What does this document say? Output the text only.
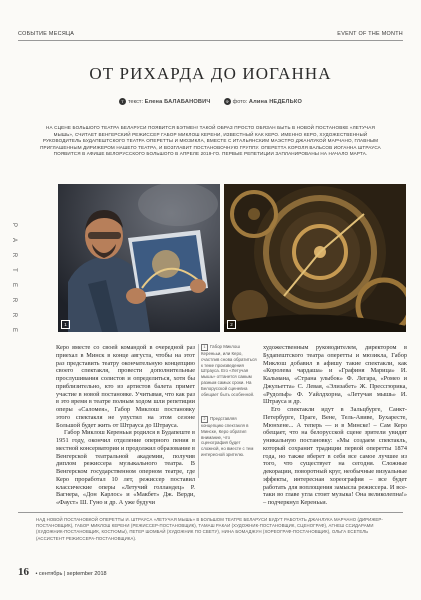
СОБЫТИЕ МЕСЯЦА	EVENT OF THE MONTH
ОТ РИХАРДА ДО ИОГАННА
T текст: Елена БАЛАБАНОВИЧ	Ф фото: Алина НЕДЕЛЬКО
НА СЦЕНЕ БОЛЬШОГО ТЕАТРА БЕЛАРУСИ ПОЯВИТСЯ БЭТМЕН! ТАКОЙ ОБРАЗ ПРОСТО ОБЯЗАН БЫТЬ В НОВОЙ ПОСТАНОВКЕ «ЛЕТУЧАЯ МЫШЬ», СЧИТАЕТ ВЕНГЕРСКИЙ РЕЖИССЕР ГАБОР МИКЛОШ КЕРЕНИ, ИЗВЕСТНЫЙ КАК КЕРО. ИМЕННО КЕРО, ХУДОЖЕСТВЕННЫЙ РУКОВОДИТЕЛЬ БУДАПЕШТСКОГО ТЕАТРА ОПЕРЕТТЫ И МЮЗИКЛА, ВМЕСТЕ С ИТАЛЬЯНСКИМ МАЭСТРО ДЖАНЛУКОЙ МАРЧАНО, ГЛАВНЫМ ПРИГЛАШЕННЫМ ДИРИЖЕРОМ НАШЕГО ТЕАТРА, И ВОЗГЛАВИТ ПОСТАНОВОЧНУЮ ГРУППУ. ОПЕРЕТТА КОРОЛЯ ВАЛЬСОВ ИОГАННА ШТРАУСА ПОЯВИТСЯ В АФИШЕ БЕЛОРУССКОГО БОЛЬШОГО В АПРЕЛЕ 2019-ГО. ПЕРВЫЕ РЕПЕТИЦИИ ЗАПЛАНИРОВАНЫ НА НАЧАЛО МАРТА.
P
A
R
T
E
R
R
E
1	2

Керо вместе со своей командой в очередной раз приехал в Минск в конце августа, чтобы на этот раз представить театру окончательную концепцию своего спектакля, провести дополнительные прослушивания солистов и определиться, хотя бы приблизительно, кто из артистов балета примет участие в новой постановке. Учитывая, что как раз в это время в театре полным ходом шли репетиции оперы «Саломея», Габор Миклош постановку этого спектакля не упустил на этом сезоне Большой будет жить от Штрауса до Штрауса.

Габор Миклош Керенььи родился в Будапеште в 1951 году, окончил отделение оперного пения в местной консерватории и продолжил образование в Венгерской театральной академии, получив диплом режиссера музыкального театра. В Венгерском государственном оперном театре, где Керо проработал 10 лет, режиссер поставил классические оперы «Летучий голландец» Р. Вагнера, «Дон Карлос» и «Макбет» Дж. Верди, «Фауст» Ш. Гуно и др. А уже будучи

1 Габор Миклош Керенььи, или Керо, счастлив снова обратиться к теме произведения Штрауса. Его «Летучая мышь» оттанется самым разным самых сроки. На Белорусской сценевна обещает быть особенной.
2 Представляя концепцию спектакля в Минске, Керо обратил внимание, что сценография будет сложной, но вместе с тем интересной зрителю.

художественным руководителем, директором в Будапештского театра оперетты и мюзикла, Габор Миклош добавил в афишу такие спектакли, как «Королева чардаша» и «Графиня Марица» И. Кальмана, «Страна улыбок» Ф. Легара, «Ромео и Джульетта» С. Левая, «Элизабет» Ж. Прессгюрика, «Рудольф» Ф. Уайлдхорна, «Летучая мышь» И. Штрауса и др.

Его спектакли идут в Зальцбурге, Санкт-Петербурге, Праге, Вене, Тель-Авиве, Бухаресте, Мюнхене... А теперь — и в Минске! – Сам Керо обещает, что на белорусской сцене зрители увидят уникальную постановку: «Мы создаем спектакль, который сохранит традиции первой оперетты 1874 года, но также вберет в себя все самое лучшее из того, что существует на сегодня. Сложные декорации, поворотный круг, необычные визуальные эффекты, интересная хореография – все будет работать для воплощения замысла режиссера. И все-таки во главе угла стоит музыка! Она великолепна!» – подчеркнул Керенььи.

НАД НОВОЙ ПОСТАНОВКОЙ ОПЕРЕТТЫ И. ШТРАУСА «ЛЕТУЧАЯ МЫШЬ» В БОЛЬШОМ ТЕАТРЕ БЕЛАРУСИ БУДУТ РАБОТАТЬ ДЖАНЛУКА МАРЧАНО (ДИРИЖЕР-ПОСТАНОВЩИК), ГАБОР МИКЛОШ КЕРЕНИ (РЕЖИССЕР-ПОСТАНОВЩИК), ТАМАШ РАКАИ (ХУДОЖНИК-ПОСТАНОВЩИК, СЦЕНОГРАФ), АГНЕШ ССИДАРАМИ (ХУДОЖНИК-ПОСТАНОВЩИК, КОСТЮМЫ), ПЕТЕР ШОМБАЙ (ХУДОЖНИК ПО СВЕТУ), НИНА БОМАДЖУН (ХОРЕОГРАФ-ПОСТАНОВЩИК), ОЛЬГА ЕСЕТЕЛЬ (АССИСТЕНТ РЕЖИССЕРА-ПОСТАНОВЩИКА).
16 • сентябрь | september 2018
